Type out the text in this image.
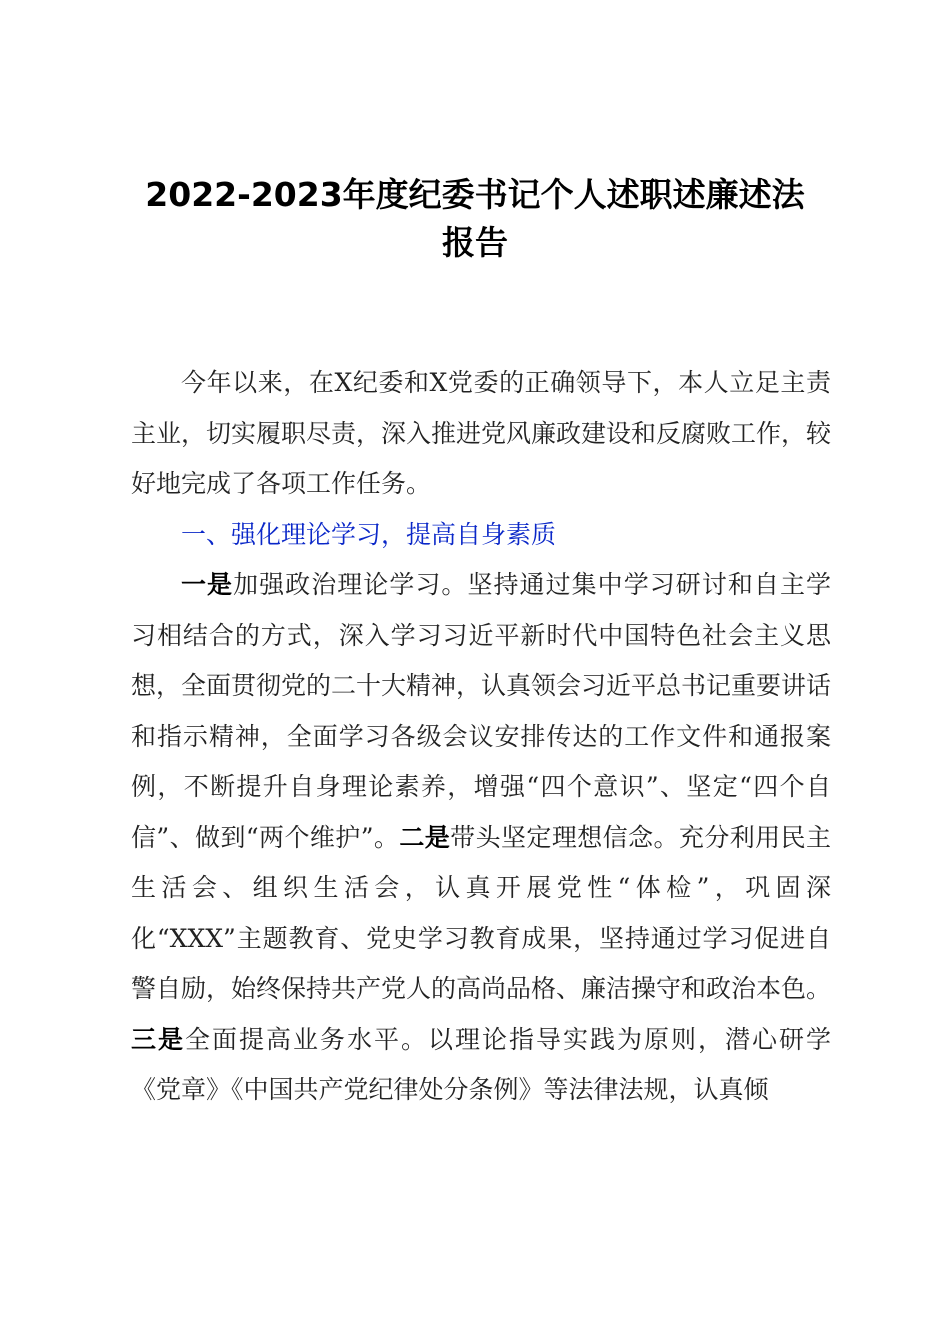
2022-2023年度纪委书记个人述职述廉述法
报告

今年以来，在X纪委和X党委的正确领导下，本人立足主责主业，切实履职尽责，深入推进党风廉政建设和反腐败工作，较好地完成了各项工作任务。

一、强化理论学习，提高自身素质

一是加强政治理论学习。坚持通过集中学习研讨和自主学习相结合的方式，深入学习习近平新时代中国特色社会主义思想，全面贯彻党的二十大精神，认真领会习近平总书记重要讲话和指示精神，全面学习各级会议安排传达的工作文件和通报案例，不断提升自身理论素养，增强“四个意识”、坚定“四个自信”、做到“两个维护”。二是带头坚定理想信念。充分利用民主生活会、组织生活会，认真开展党性“体检”，巩固深化“XXX”主题教育、党史学习教育成果，坚持通过学习促进自警自励，始终保持共产党人的高尚品格、廉洁操守和政治本色。三是全面提高业务水平。以理论指导实践为原则，潜心研学《党章》《中国共产党纪律处分条例》等法律法规，认真倾
